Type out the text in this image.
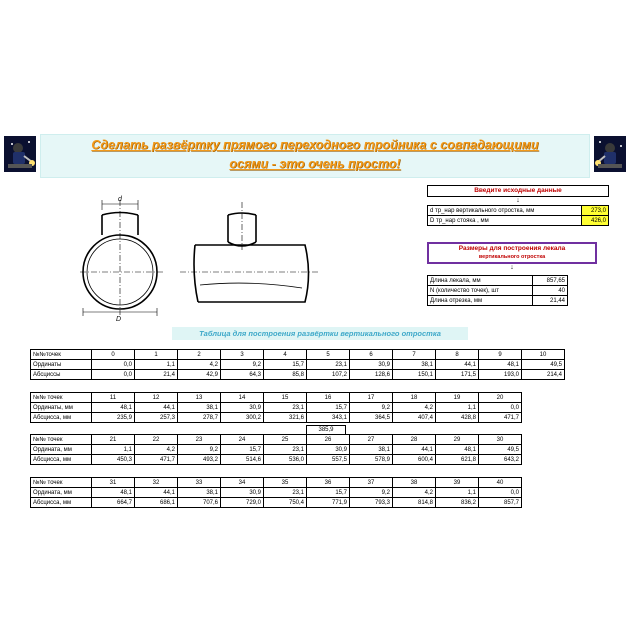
Сделать развёртку прямого переходного тройника с совпадающими
осями - это очень просто!
d
D
Введите исходные данные
↓
d тр_нар вертикального отростка, мм	273,0
D тр_нар стояка , мм	426,0
Размеры для построения лекала
вертикального отростка
↓
Длина лекала, мм	857,65
N (количество точек), шт	40
Длина отрезка, мм	21,44
Таблица для построения развёртки вертикального отростка
№№точек	0	1	2	3	4	5	6	7	8	9	10
Ординаты	0,0	1,1	4,2	9,2	15,7	23,1	30,9	38,1	44,1	48,1	49,5
Абсциссы	0,0	21,4	42,9	64,3	85,8	107,2	128,6	150,1	171,5	193,0	214,4
№№ точек	11	12	13	14	15	16	17	18	19	20
Ординаты, мм	48,1	44,1	38,1	30,9	23,1	15,7	9,2	4,2	1,1	0,0
Абсцисса, мм	235,9	257,3	278,7	300,2	321,6	343,1	364,5	407,4	428,8	471,7
385,9
№№ точек	21	22	23	24	25	26	27	28	29	30
Ордината, мм	1,1	4,2	9,2	15,7	23,1	30,9	38,1	44,1	48,1	49,5
Абсцисса, мм	450,3	471,7	493,2	514,6	536,0	557,5	578,9	600,4	621,8	643,2
№№ точек	31	32	33	34	35	36	37	38	39	40
Ордината, мм	48,1	44,1	38,1	30,9	23,1	15,7	9,2	4,2	1,1	0,0
Абсцисса, мм	664,7	686,1	707,6	729,0	750,4	771,9	793,3	814,8	836,2	857,7
